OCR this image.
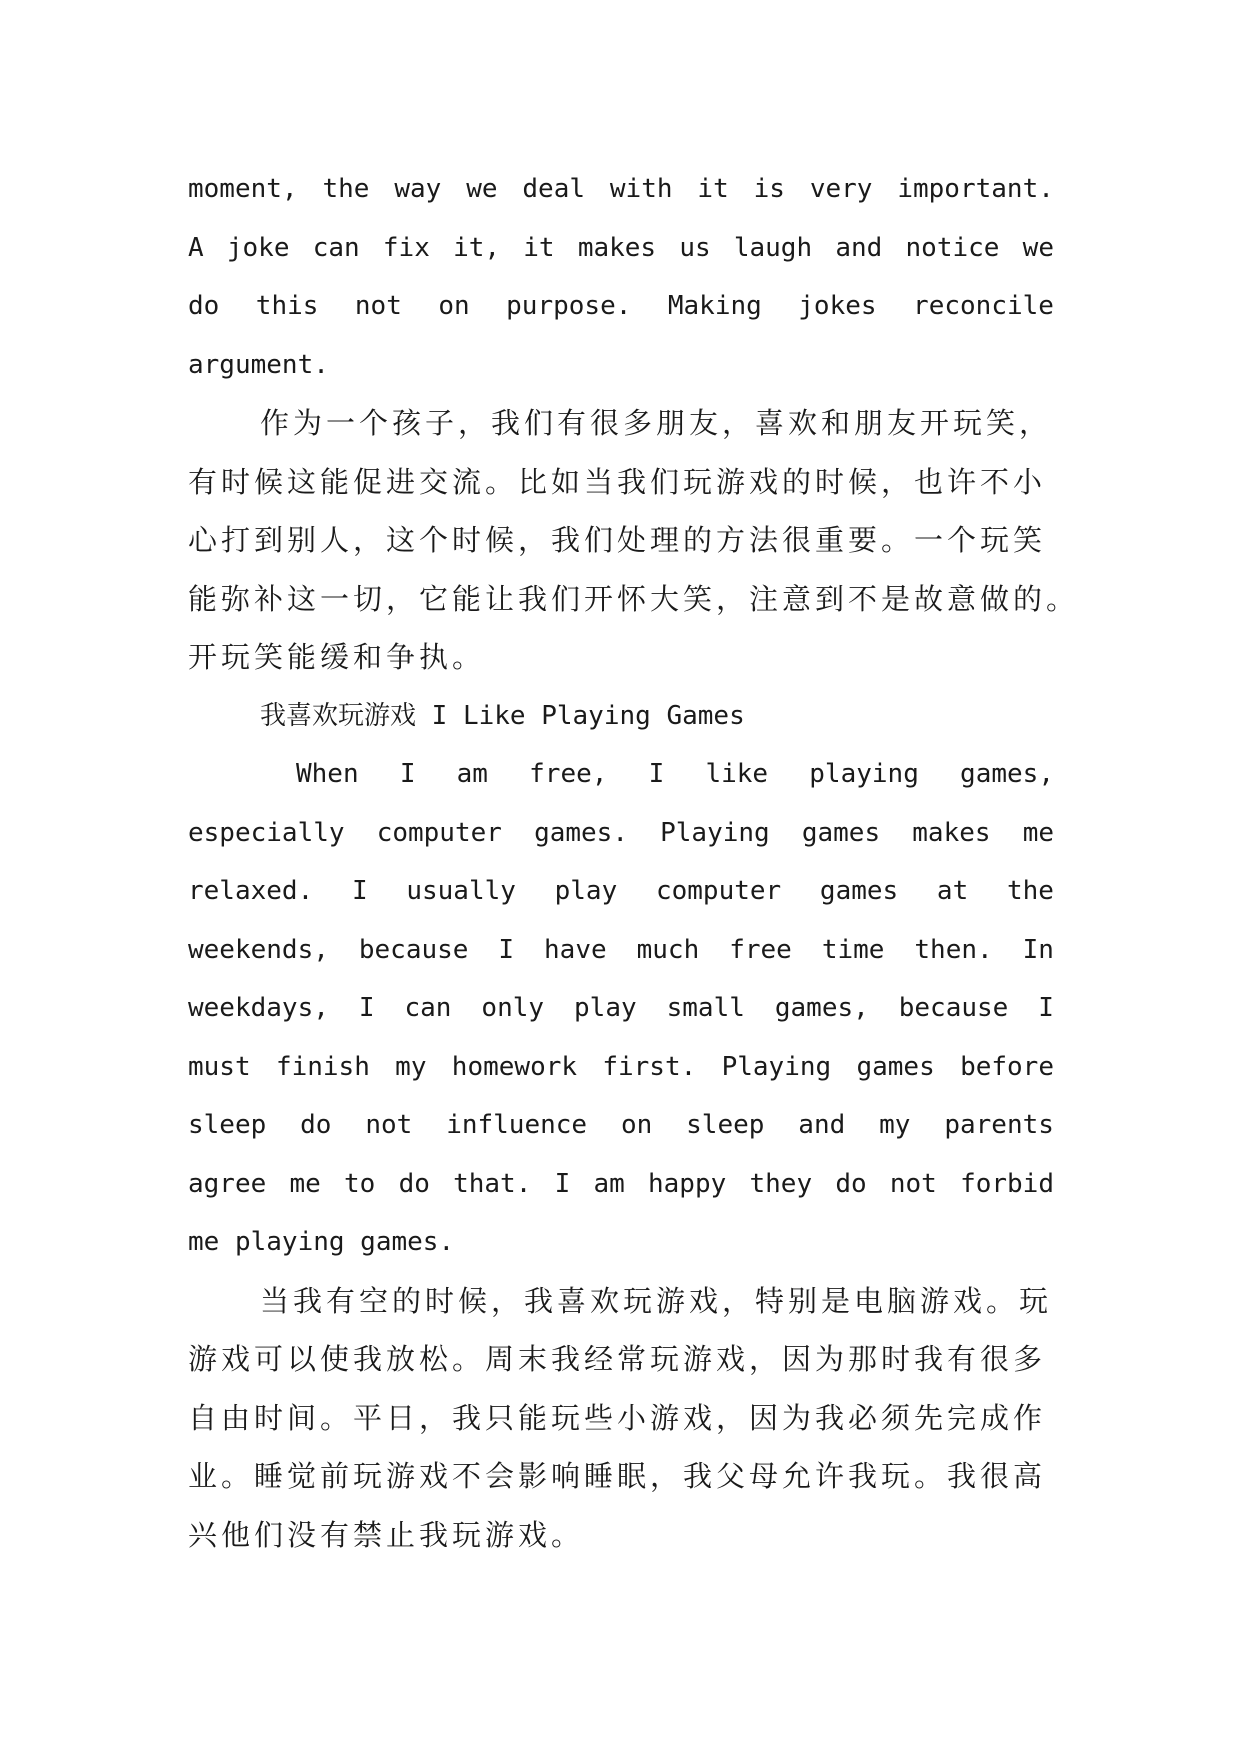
moment, the way we deal with it is very important.
A joke can fix it, it makes us laugh and notice we
do this not on purpose. Making jokes reconcile
argument.
作为一个孩子，我们有很多朋友，喜欢和朋友开玩笑，
有时候这能促进交流。比如当我们玩游戏的时候，也许不小
心打到别人，这个时候，我们处理的方法很重要。一个玩笑
能弥补这一切，它能让我们开怀大笑，注意到不是故意做的。
开玩笑能缓和争执。
我喜欢玩游戏 I Like Playing Games
When I am free, I like playing games,
especially computer games. Playing games makes me
relaxed. I usually play computer games at the
weekends, because I have much free time then. In
weekdays, I can only play small games, because I
must finish my homework first. Playing games before
sleep do not influence on sleep and my parents
agree me to do that. I am happy they do not forbid
me playing games.
当我有空的时候，我喜欢玩游戏，特别是电脑游戏。玩
游戏可以使我放松。周末我经常玩游戏，因为那时我有很多
自由时间。平日，我只能玩些小游戏，因为我必须先完成作
业。睡觉前玩游戏不会影响睡眠，我父母允许我玩。我很高
兴他们没有禁止我玩游戏。
